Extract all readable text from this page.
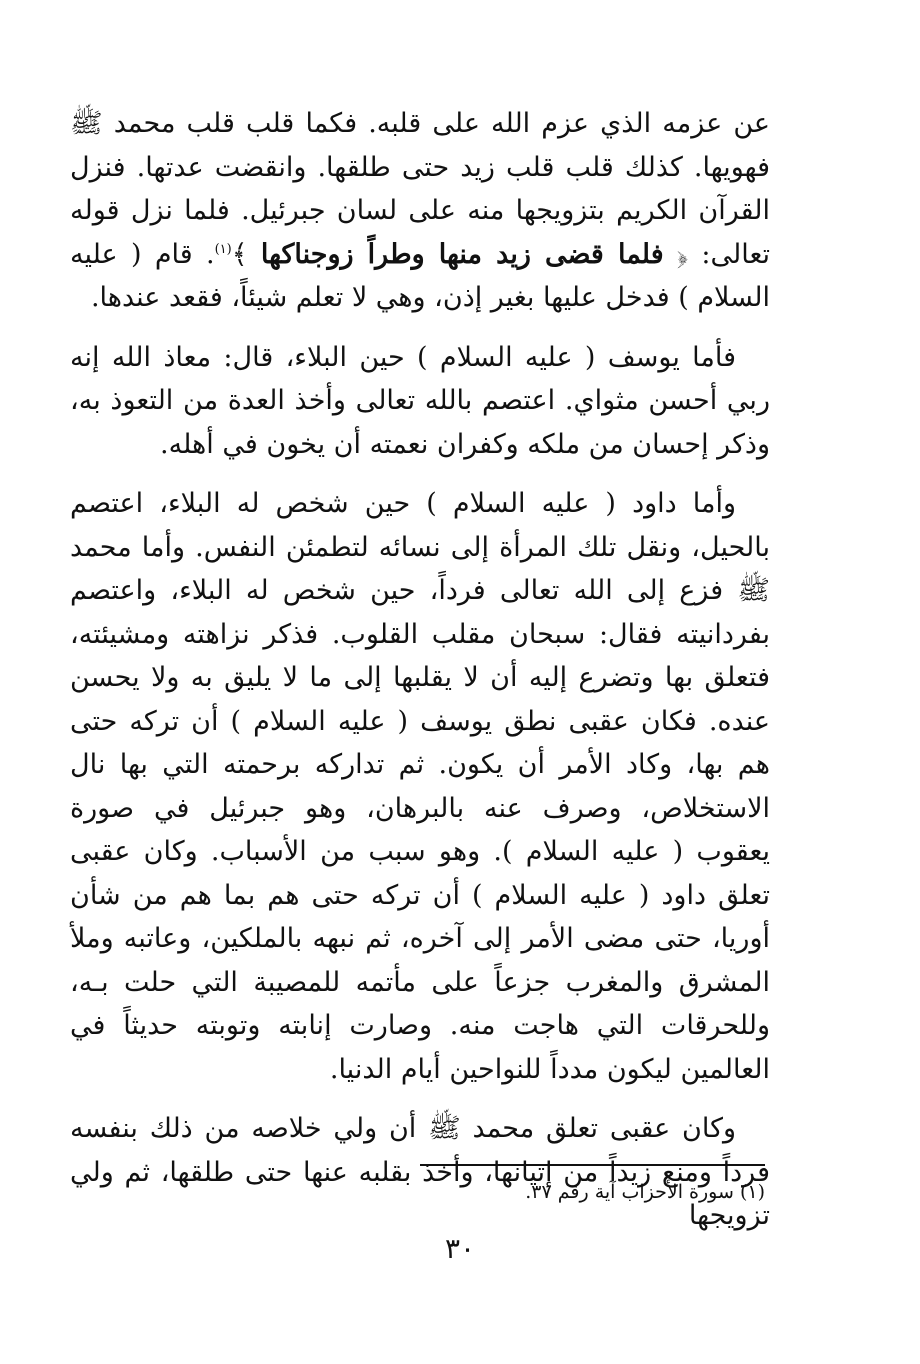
عن عزمه الذي عزم الله على قلبه. فكما قلب قلب محمد ﷺ فهويها. كذلك قلب قلب زيد حتى طلقها. وانقضت عدتها. فنزل القرآن الكريم بتزويجها منه على لسان جبرئيل. فلما نزل قوله تعالى: ﴿ فلما قضى زيد منها وطراً زوجناكها ﴾$^{(١)}$. قام ( عليه السلام ) فدخل عليها بغير إذن، وهي لا تعلم شيئاً، فقعد عندها.

فأما يوسف ( عليه السلام ) حين البلاء، قال: معاذ الله إنه ربي أحسن مثواي. اعتصم بالله تعالى وأخذ العدة من التعوذ به، وذكر إحسان من ملكه وكفران نعمته أن يخون في أهله.

وأما داود ( عليه السلام ) حين شخص له البلاء، اعتصم بالحيل، ونقل تلك المرأة إلى نسائه لتطمئن النفس. وأما محمد ﷺ فزع إلى الله تعالى فرداً، حين شخص له البلاء، واعتصم بفردانيته فقال: سبحان مقلب القلوب. فذكر نزاهته ومشيئته، فتعلق بها وتضرع إليه أن لا يقلبها إلى ما لا يليق به ولا يحسن عنده. فكان عقبى نطق يوسف ( عليه السلام ) أن تركه حتى هم بها، وكاد الأمر أن يكون. ثم تداركه برحمته التي بها نال الاستخلاص، وصرف عنه بالبرهان، وهو جبرئيل في صورة يعقوب ( عليه السلام ). وهو سبب من الأسباب. وكان عقبى تعلق داود ( عليه السلام ) أن تركه حتى هم بما هم من شأن أوريا، حتى مضى الأمر إلى آخره، ثم نبهه بالملكين، وعاتبه وملأ المشرق والمغرب جزعاً على مأتمه للمصيبة التي حلت بـه، وللحرقات التي هاجت منه. وصارت إنابته وتوبته حديثاً في العالمين ليكون مدداً للنواحين أيام الدنيا.

وكان عقبى تعلق محمد ﷺ أن ولي خلاصه من ذلك بنفسه فرداً ومنع زيداً من إتيانها، وأخذ بقلبه عنها حتى طلقها، ثم ولي تزويجها

(١) سورة الأحزاب آية رقم ٣٧.
٣٠
